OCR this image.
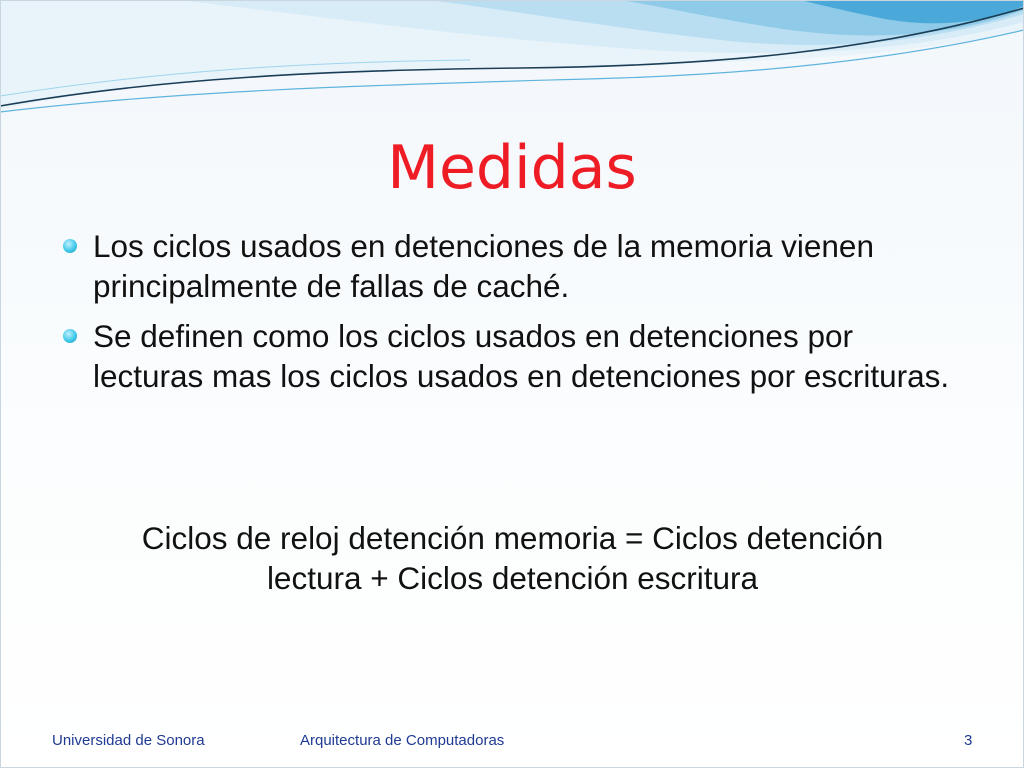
Medidas
Los ciclos usados en detenciones de la memoria vienen principalmente de fallas de caché.
Se definen como los ciclos usados en detenciones por lecturas mas los ciclos usados en detenciones por escrituras.

Ciclos de reloj detención memoria = Ciclos detención
lectura + Ciclos detención escritura

Universidad de Sonora	Arquitectura de Computadoras	3
